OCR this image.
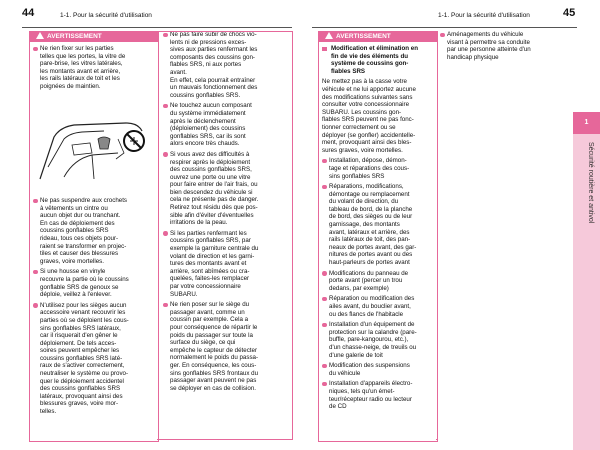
44	1-1. Pour la sécurité d'utilisation	1-1. Pour la sécurité d'utilisation	45
AVERTISSEMENT
Ne rien fixer sur les parties
telles que les portes, la vitre de
pare-brise, les vitres latérales,
les montants avant et arrière,
les rails latéraux de toit et les
poignées de maintien.
Ne pas suspendre aux crochets
à vêtements un cintre ou
aucun objet dur ou tranchant.
En cas de déploiement des
coussins gonflables SRS
rideau, tous ces objets pour-
raient se transformer en projec-
tiles et causer des blessures
graves, voire mortelles.
Si une housse en vinyle
recouvre la partie où le coussins
gonflable SRS de genoux se
déploie, veillez à l'enlever.
N'utilisez pour les sièges aucun
accessoire venant recouvrir les
parties où se déploient les cous-
sins gonflables SRS latéraux,
car il risquerait d'en gêner le
déploiement. De tels acces-
soires peuvent empêcher les
coussins gonflables SRS laté-
raux de s'activer correctement,
neutraliser le système ou provo-
quer le déploiement accidentel
des coussins gonflables SRS
latéraux, provoquant ainsi des
blessures graves, voire mor-
telles.
Ne pas faire subir de chocs vio-
lents ni de pressions exces-
sives aux parties renfermant les
composants des coussins gon-
flables SRS, ni aux portes
avant.
En effet, cela pourrait entraîner
un mauvais fonctionnement des
coussins gonflables SRS.
Ne touchez aucun composant
du système immédiatement
après le déclenchement
(déploiement) des coussins
gonflables SRS, car ils sont
alors encore très chauds.
Si vous avez des difficultés à
respirer après le déploiement
des coussins gonflables SRS,
ouvrez une porte ou une vitre
pour faire entrer de l'air frais, ou
bien descendez du véhicule si
cela ne présente pas de danger.
Retirez tout résidu dès que pos-
sible afin d'éviter d'éventuelles
irritations de la peau.
Si les parties renfermant les
coussins gonflables SRS, par
exemple la garniture centrale du
volant de direction et les garni-
tures des montants avant et
arrière, sont abîmées ou cra-
quelées, faites-les remplacer
par votre concessionnaire
SUBARU.
Ne rien poser sur le siège du
passager avant, comme un
coussin par exemple. Cela a
pour conséquence de répartir le
poids du passager sur toute la
surface du siège, ce qui
empêche le capteur de détecter
normalement le poids du passa-
ger. En conséquence, les cous-
sins gonflables SRS frontaux du
passager avant peuvent ne pas
se déployer en cas de collision.
AVERTISSEMENT
Modification et élimination en
fin de vie des éléments du
système de coussins gon-
flables SRS
Ne mettez pas à la casse votre
véhicule et ne lui apportez aucune
des modifications suivantes sans
consulter votre concessionnaire
SUBARU. Les coussins gon-
flables SRS peuvent ne pas fonc-
tionner correctement ou se
déployer (se gonfler) accidentelle-
ment, provoquant ainsi des bles-
sures graves, voire mortelles.
Installation, dépose, démon-
tage et réparations des cous-
sins gonflables SRS
Réparations, modifications,
démontage ou remplacement
du volant de direction, du
tableau de bord, de la planche
de bord, des sièges ou de leur
garnissage, des montants
avant, latéraux et arrière, des
rails latéraux de toit, des pan-
neaux de portes avant, des gar-
nitures de portes avant ou des
haut-parleurs de portes avant
Modifications du panneau de
porte avant (percer un trou
dedans, par exemple)
Réparation ou modification des
ailes avant, du bouclier avant,
ou des flancs de l'habitacle
Installation d'un équipement de
protection sur la calandre (pare-
buffle, pare-kangourou, etc.),
d'un chasse-neige, de treuils ou
d'une galerie de toit
Modification des suspensions
du véhicule
Installation d'appareils électro-
niques, tels qu'un émet-
teur/récepteur radio ou lecteur
de CD
Aménagements du véhicule
visant à permettre sa conduite
par une personne atteinte d'un
handicap physique
1
Sécurité routière et antivol
